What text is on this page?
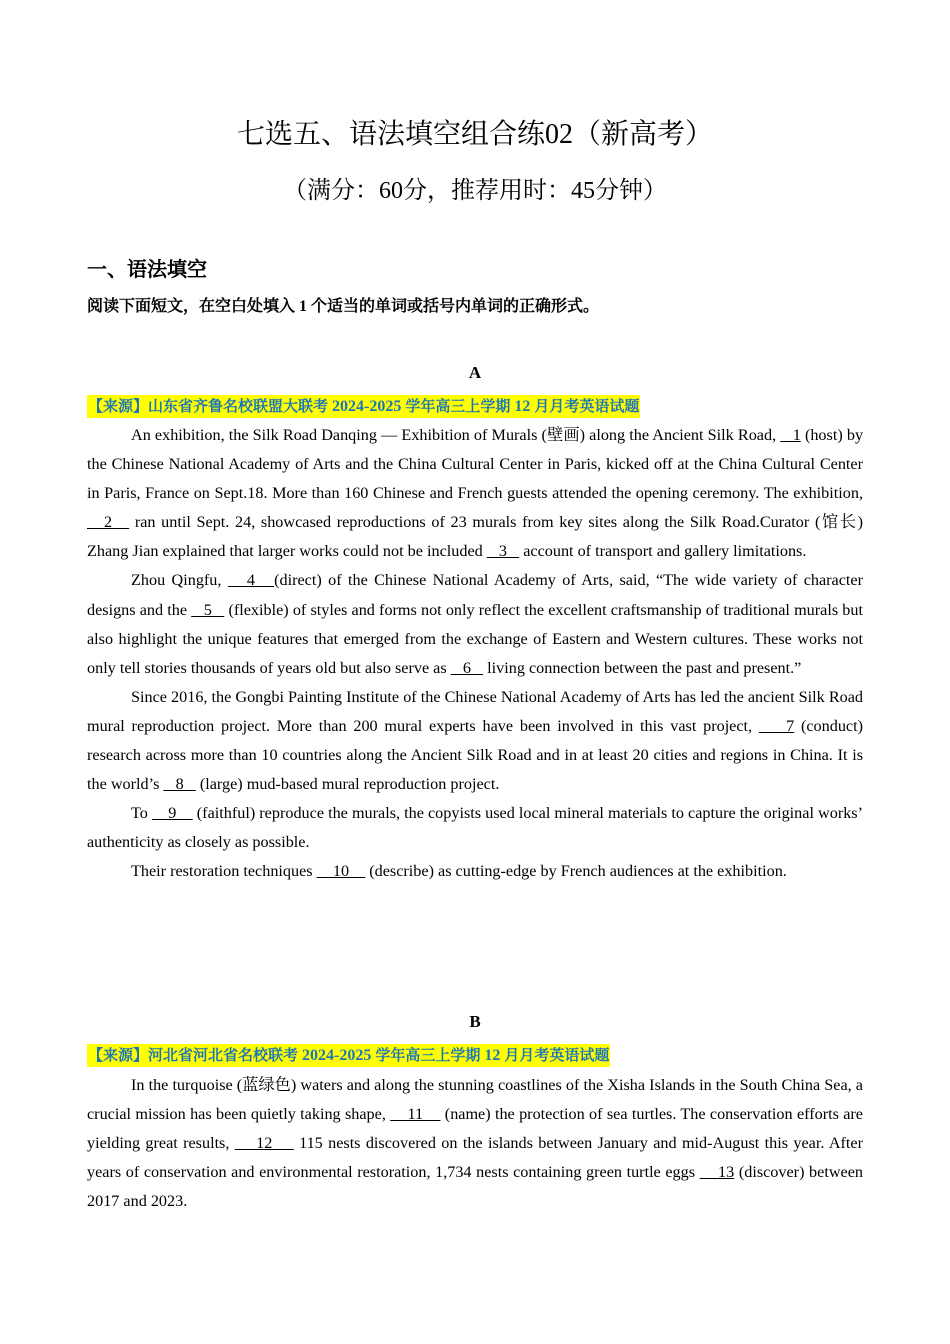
七选五、语法填空组合练02（新高考）
（满分：60分，推荐用时：45分钟）
一、语法填空
阅读下面短文，在空白处填入 1 个适当的单词或括号内单词的正确形式。
A
【来源】山东省齐鲁名校联盟大联考 2024-2025 学年高三上学期 12 月月考英语试题

An exhibition, the Silk Road Danqing — Exhibition of Murals (壁画) along the Ancient Silk Road,    1 (host) by the Chinese National Academy of Arts and the China Cultural Center in Paris, kicked off at the China Cultural Center in Paris, France on Sept.18. More than 160 Chinese and French guests attended the opening ceremony. The exhibition,    2    ran until Sept. 24, showcased reproductions of 23 murals from key sites along the Silk Road.Curator (馆长) Zhang Jian explained that larger works could not be included    3    account of transport and gallery limitations.

Zhou Qingfu,    4   (direct) of the Chinese National Academy of Arts, said, “The wide variety of character designs and the    5    (flexible) of styles and forms not only reflect the excellent craftsmanship of traditional murals but also highlight the unique features that emerged from the exchange of Eastern and Western cultures. These works not only tell stories thousands of years old but also serve as    6    living connection between the past and present.”

Since 2016, the Gongbi Painting Institute of the Chinese National Academy of Arts has led the ancient Silk Road mural reproduction project. More than 200 mural experts have been involved in this vast project,     7 (conduct) research across more than 10 countries along the Ancient Silk Road and in at least 20 cities and regions in China. It is the world’s    8    (large) mud-based mural reproduction project.

To     9     (faithful) reproduce the murals, the copyists used local mineral materials to capture the original works’ authenticity as closely as possible.

Their restoration techniques     10     (describe) as cutting-edge by French audiences at the exhibition.

B
【来源】河北省河北省名校联考 2024-2025 学年高三上学期 12 月月考英语试题

In the turquoise (蓝绿色) waters and along the stunning coastlines of the Xisha Islands in the South China Sea, a crucial mission has been quietly taking shape,     11     (name) the protection of sea turtles. The conservation efforts are yielding great results,     12     115 nests discovered on the islands between January and mid-August this year. After years of conservation and environmental restoration, 1,734 nests containing green turtle eggs     13 (discover) between 2017 and 2023.
